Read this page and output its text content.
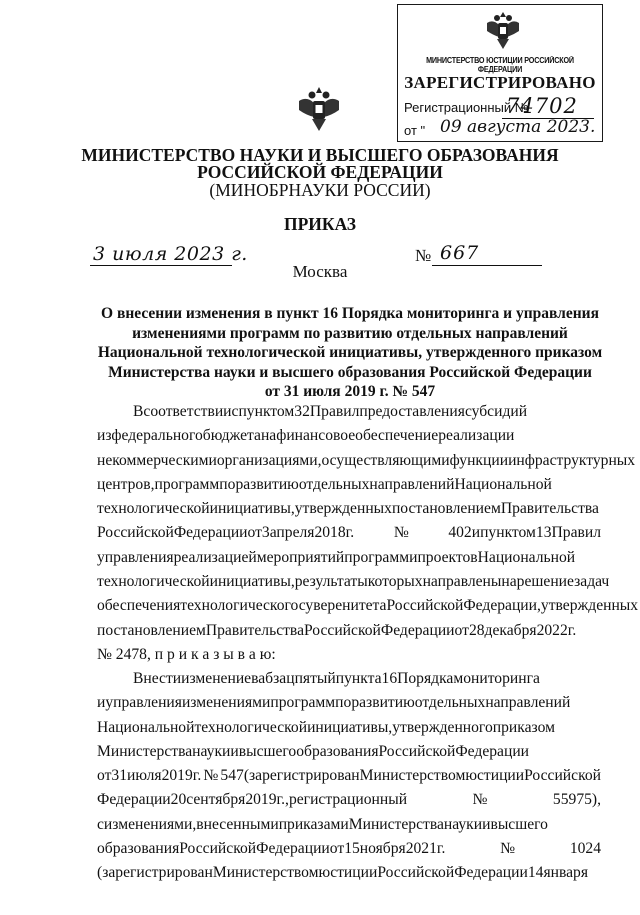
МИНИСТЕРСТВО ЮСТИЦИИ РОССИЙСКОЙ ФЕДЕРАЦИИ
ЗАРЕГИСТРИРОВАНО
Регистрационный №
74702
от " 09 августа 2023.
МИНИСТЕРСТВО НАУКИ И ВЫСШЕГО ОБРАЗОВАНИЯ
РОССИЙСКОЙ ФЕДЕРАЦИИ
(МИНОБРНАУКИ РОССИИ)
ПРИКАЗ
3 июля 2023 г.	№ 667
Москва
О внесении изменения в пункт 16 Порядка мониторинга и управления
изменениями программ по развитию отдельных направлений
Национальной технологической инициативы, утвержденного приказом
Министерства науки и высшего образования Российской Федерации
от 31 июля 2019 г. № 547
Всоответствииспунктом32Правилпредоставлениясубсидий
изфедеральногобюджетанафинансовоеобеспечениереализации
некоммерческимиорганизациями,осуществляющимифункцииинфраструктурных
центров,программпоразвитиюотдельныхнаправленийНациональной
технологическойинициативы,утвержденныхпостановлениемПравительства
РоссийскойФедерацииот3апреля2018г.№402ипунктом13Правил
управленияреализациеймероприятийпрограммипроектовНациональной
технологическойинициативы,результатыкоторыхнаправленынарешениезадач
обеспечениятехнологическогосуверенитетаРоссийскойФедерации,утвержденных
постановлениемПравительстваРоссийскойФедерацииот28декабря2022г.
№ 2478, п р и к а з ы в а ю:
Внестиизменениевабзацпятыйпункта16Порядкамониторинга
иуправленияизменениямипрограммпоразвитиюотдельныхнаправлений
Национальнойтехнологическойинициативы,утвержденногоприказом
МинистерстванаукиивысшегообразованияРоссийскойФедерации
от31июля2019г.№547(зарегистрированМинистерствомюстицииРоссийской
Федерации20сентября2019г.,регистрационный№55975),
сизменениями,внесеннымиприказамиМинистерстванаукиивысшего
образованияРоссийскойФедерацииот15ноября2021г.№1024
(зарегистрированМинистерствомюстицииРоссийскойФедерации14января
